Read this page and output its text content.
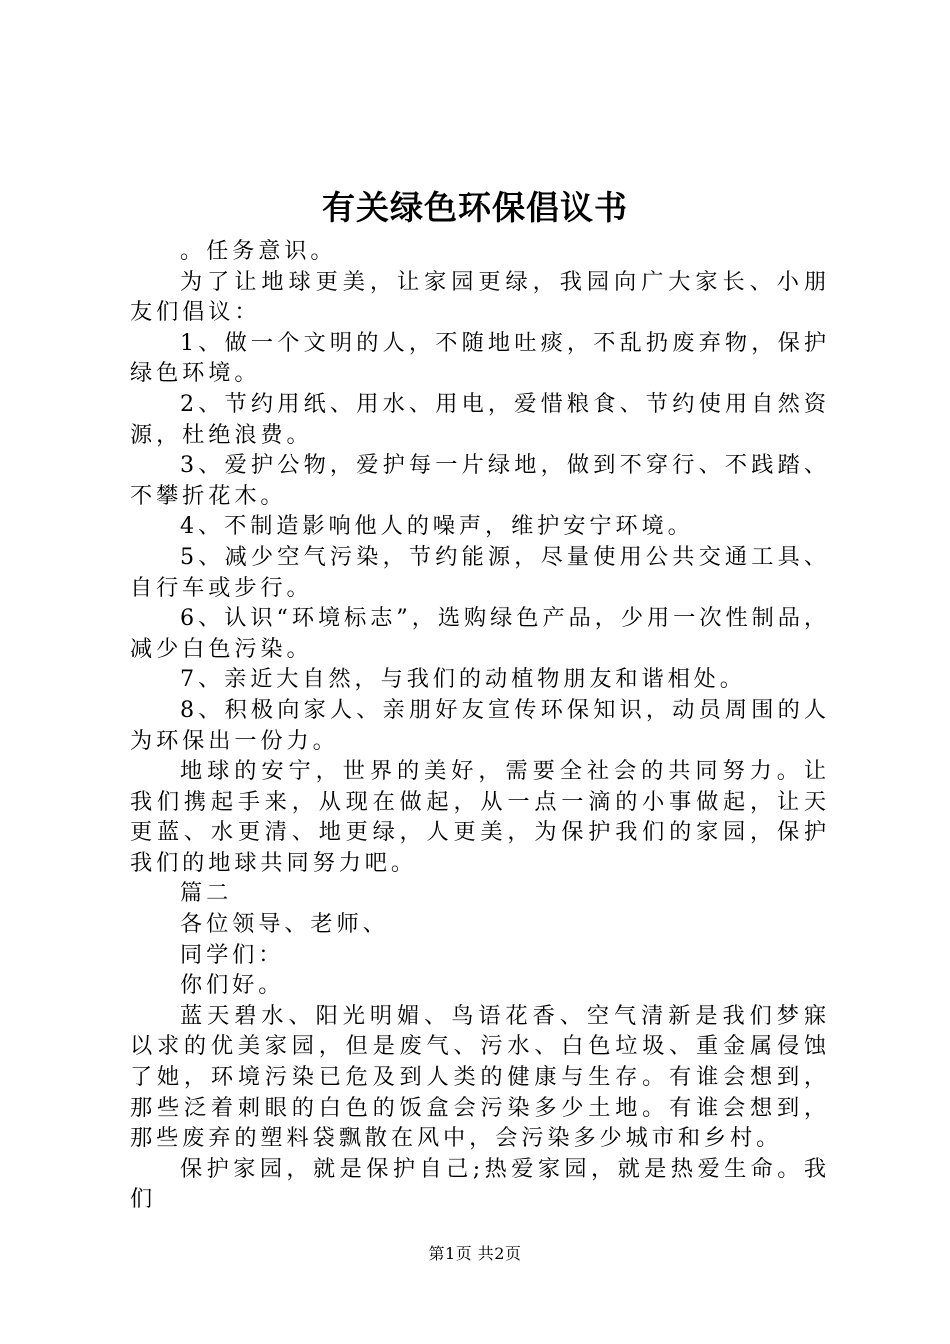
有关绿色环保倡议书

。任务意识。

为了让地球更美，让家园更绿，我园向广大家长、小朋友们倡议：

1、做一个文明的人，不随地吐痰，不乱扔废弃物，保护绿色环境。

2、节约用纸、用水、用电，爱惜粮食、节约使用自然资源，杜绝浪费。

3、爱护公物，爱护每一片绿地，做到不穿行、不践踏、不攀折花木。

4、不制造影响他人的噪声，维护安宁环境。

5、减少空气污染，节约能源，尽量使用公共交通工具、自行车或步行。

6、认识“环境标志”，选购绿色产品，少用一次性制品，减少白色污染。

7、亲近大自然，与我们的动植物朋友和谐相处。

8、积极向家人、亲朋好友宣传环保知识，动员周围的人为环保出一份力。

地球的安宁，世界的美好，需要全社会的共同努力。让我们携起手来，从现在做起，从一点一滴的小事做起，让天更蓝、水更清、地更绿，人更美，为保护我们的家园，保护我们的地球共同努力吧。

篇二

各位领导、老师、

同学们：

你们好。

蓝天碧水、阳光明媚、鸟语花香、空气清新是我们梦寐以求的优美家园，但是废气、污水、白色垃圾、重金属侵蚀了她，环境污染已危及到人类的健康与生存。有谁会想到，那些泛着刺眼的白色的饭盒会污染多少土地。有谁会想到，那些废弃的塑料袋飘散在风中，会污染多少城市和乡村。

保护家园，就是保护自己;热爱家园，就是热爱生命。我们

第1页 共2页
